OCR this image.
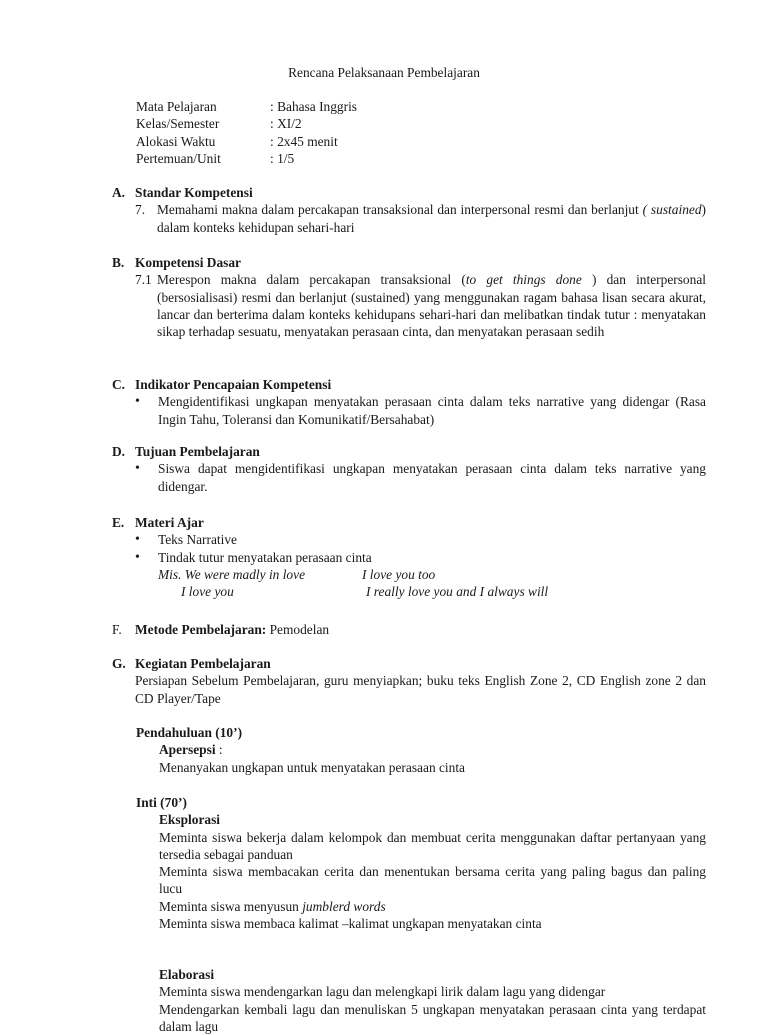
Rencana Pelaksanaan Pembelajaran
Mata Pelajaran	: Bahasa Inggris
Kelas/Semester	: XI/2
Alokasi Waktu	: 2x45 menit
Pertemuan/Unit	: 1/5
A. Standar Kompetensi
7. Memahami makna dalam percakapan transaksional dan interpersonal resmi dan berlanjut ( sustained) dalam konteks kehidupan sehari-hari
B. Kompetensi Dasar
7.1 Merespon makna dalam percakapan transaksional (to get things done ) dan interpersonal (bersosialisasi) resmi dan berlanjut (sustained) yang menggunakan ragam bahasa lisan secara akurat, lancar dan berterima dalam konteks kehidupans sehari-hari dan melibatkan tindak tutur : menyatakan sikap terhadap sesuatu, menyatakan perasaan cinta, dan menyatakan perasaan sedih
C. Indikator Pencapaian Kompetensi
•	Mengidentifikasi ungkapan menyatakan perasaan cinta dalam teks narrative yang didengar (Rasa Ingin Tahu, Toleransi dan Komunikatif/Bersahabat)
D. Tujuan Pembelajaran
•	Siswa dapat mengidentifikasi ungkapan menyatakan perasaan cinta dalam teks narrative yang didengar.
E. Materi Ajar
•	Teks Narrative
•	Tindak tutur menyatakan perasaan cinta
Mis. We were madly in love	I love you too
I love you	I really love you and I always will
F. Metode Pembelajaran: Pemodelan
G. Kegiatan Pembelajaran
Persiapan Sebelum Pembelajaran, guru menyiapkan; buku teks English Zone 2, CD English zone 2 dan CD Player/Tape
Pendahuluan (10’)
Apersepsi :
Menanyakan ungkapan untuk menyatakan perasaan cinta
Inti (70’)
Eksplorasi
Meminta siswa bekerja dalam kelompok dan membuat cerita menggunakan daftar pertanyaan yang tersedia sebagai panduan
Meminta siswa membacakan cerita dan menentukan bersama cerita yang paling bagus dan paling lucu
Meminta siswa menyusun jumblerd words
Meminta siswa membaca kalimat –kalimat ungkapan menyatakan cinta
Elaborasi
Meminta siswa mendengarkan lagu dan melengkapi lirik dalam lagu yang didengar
Mendengarkan kembali lagu dan menuliskan 5 ungkapan menyatakan perasaan cinta yang terdapat dalam lagu
